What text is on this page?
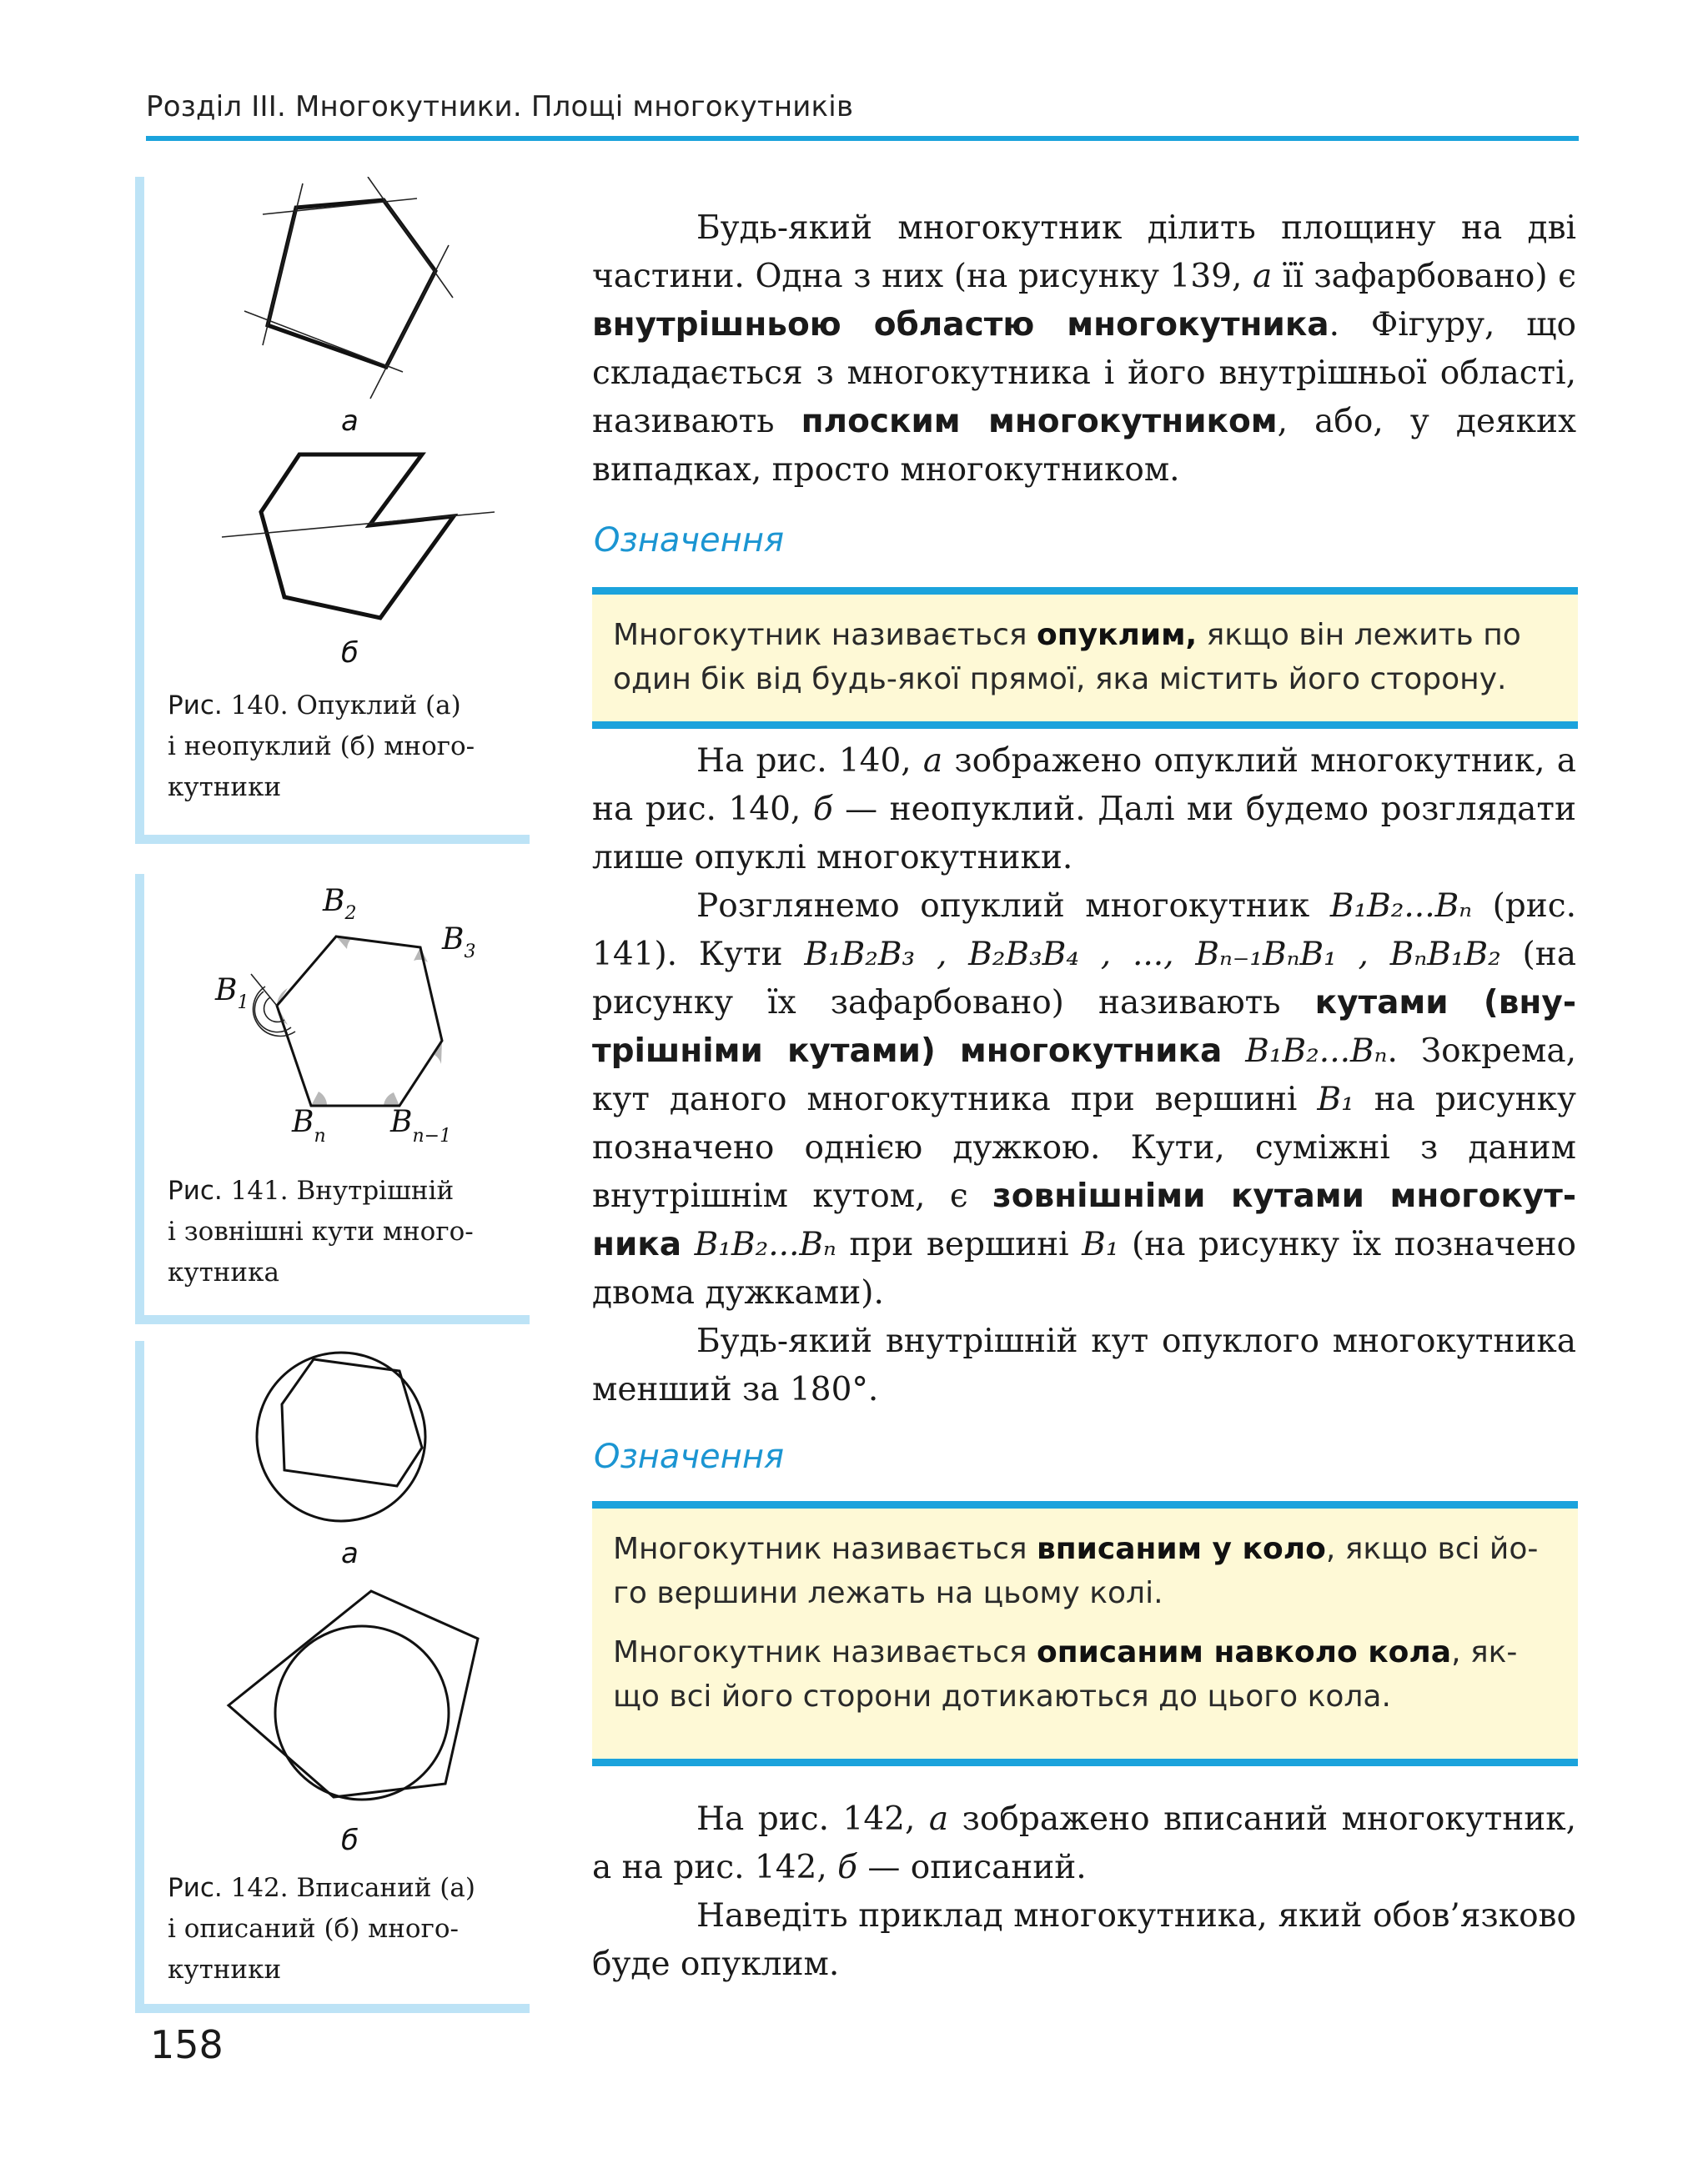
Розділ III. Многокутники. Площі многокутників
а
б
Рис. 140. Опуклий (а)
і неопуклий (б) много-
кутники
$B_2$
$B_3$
$B_1$
$B_n$ $B_{n-1}$
Рис. 141. Внутрішній
і зовнішні кути много-
кутника
а
б
Рис. 142. Вписаний (а)
і описаний (б) много-
кутники

Будь-який многокутник ділить площину на дві частини. Одна з них (на рисунку 139, а її зафарбовано) є внутрішньою областю многокутника. Фігуру, що складається з многокутника і його внутрішньої області, називають плоским многокутником, або, у деяких випадках, просто многокутником.

Означення

Многокутник називається опуклим, якщо він лежить по один бік від будь-якої прямої, яка містить його сторону.

На рис. 140, а зображено опуклий многокутник, а на рис. 140, б — неопуклий. Далі ми будемо розглядати лише опуклі многокутники.

Розглянемо опуклий многокутник B₁B₂...Bₙ (рис. 141). Кути B₁B₂B₃ , B₂B₃B₄ , ..., Bₙ₋₁BₙB₁ , BₙB₁B₂ (на рисунку їх зафарбовано) називають кутами (внутрішніми кутами) многокутника B₁B₂...Bₙ. Зокрема, кут даного многокутника при вершині B₁ на рисунку позначено однією дужкою. Кути, суміжні з даним внутрішнім кутом, є зовнішніми кутами многокутника B₁B₂...Bₙ при вершині B₁ (на рисунку їх позначено двома дужками).

Будь-який внутрішній кут опуклого многокутника менший за 180°.

Означення

Многокутник називається вписаним у коло, якщо всі його вершини лежать на цьому колі.

Многокутник називається описаним навколо кола, якщо всі його сторони дотикаються до цього кола.

На рис. 142, а зображено вписаний многокутник, а на рис. 142, б — описаний.

Наведіть приклад многокутника, який обов’язково буде опуклим.

158
